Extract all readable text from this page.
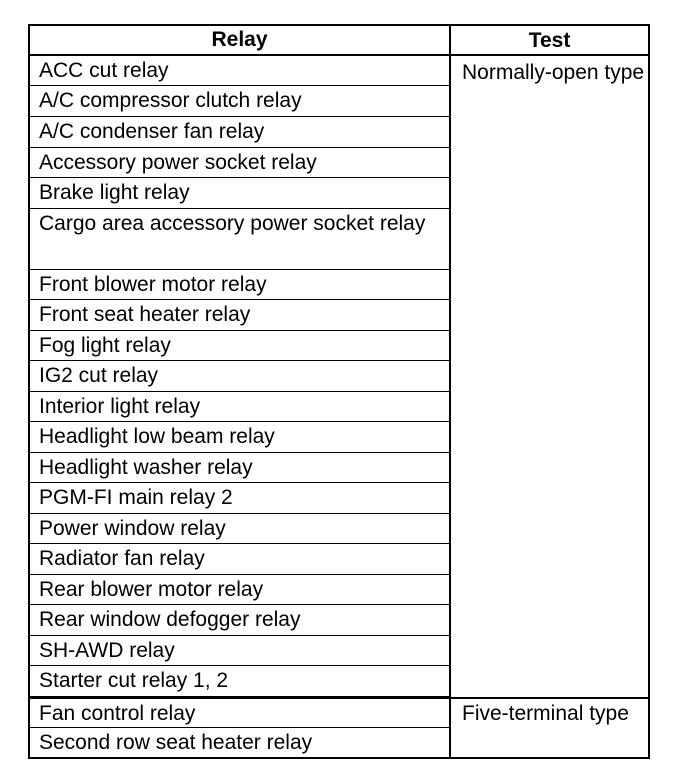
Relay	Test
ACC cut relay
A/C compressor clutch relay
A/C condenser fan relay
Accessory power socket relay
Brake light relay
Cargo area accessory power socket relay
Front blower motor relay
Front seat heater relay
Fog light relay
IG2 cut relay
Interior light relay
Headlight low beam relay
Headlight washer relay
PGM-FI main relay 2
Power window relay
Radiator fan relay
Rear blower motor relay
Rear window defogger relay
SH-AWD relay
Starter cut relay 1, 2
Fan control relay
Second row seat heater relay
Normally-open type
Five-terminal type
